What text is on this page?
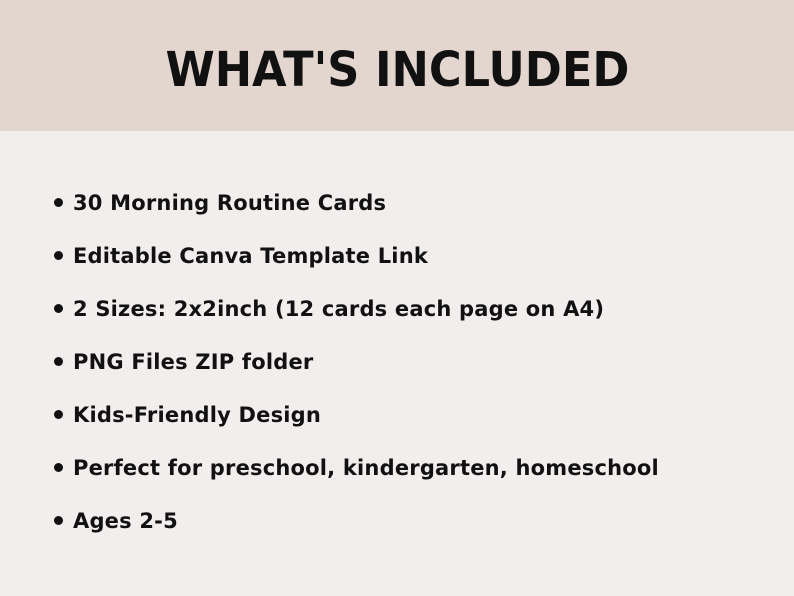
WHAT'S INCLUDED
30 Morning Routine Cards
Editable Canva Template Link
2 Sizes: 2x2inch (12 cards each page on A4)
PNG Files ZIP folder
Kids-Friendly Design
Perfect for preschool, kindergarten, homeschool
Ages 2-5
